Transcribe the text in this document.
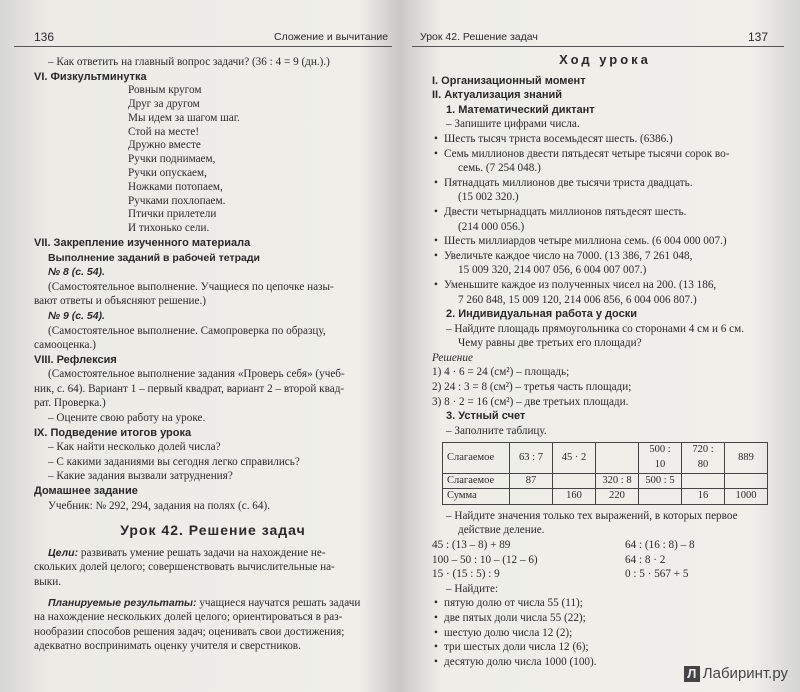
136	Сложение и вычитание
– Как ответить на главный вопрос задачи? (36 : 4 = 9 (дн.).)
VI. Физкультминутка
Ровным кругом
Друг за другом
Мы идем за шагом шаг.
Стой на месте!
Дружно вместе
Ручки поднимаем,
Ручки опускаем,
Ножками потопаем,
Ручками похлопаем.
Птички прилетели
И тихонько сели.
VII. Закрепление изученного материала
Выполнение заданий в рабочей тетради
№ 8 (с. 54).
(Самостоятельное выполнение. Учащиеся по цепочке назы-
вают ответы и объясняют решение.)
№ 9 (с. 54).
(Самостоятельное выполнение. Самопроверка по образцу,
самооценка.)
VIII. Рефлексия
(Самостоятельное выполнение задания «Проверь себя» (учеб-
ник, с. 64). Вариант 1 – первый квадрат, вариант 2 – второй квад-
рат. Проверка.)
– Оцените свою работу на уроке.
IX. Подведение итогов урока
– Как найти несколько долей числа?
– С какими заданиями вы сегодня легко справились?
– Какие задания вызвали затруднения?
Домашнее задание
Учебник: № 292, 294, задания на полях (с. 64).
Урок 42. Решение задач
Цели: развивать умение решать задачи на нахождение не-
скольких долей целого; совершенствовать вычислительные на-
выки.
Планируемые результаты: учащиеся научатся решать задачи
на нахождение нескольких долей целого; ориентироваться в раз-
нообразии способов решения задач; оценивать свои достижения;
адекватно воспринимать оценку учителя и сверстников.
Урок 42. Решение задач	137
Ход урока
I. Организационный момент
II. Актуализация знаний
1. Математический диктант
– Запишите цифрами числа.
• Шесть тысяч триста восемьдесят шесть. (6386.)
• Семь миллионов двести пятьдесят четыре тысячи сорок во-
семь. (7 254 048.)
• Пятнадцать миллионов две тысячи триста двадцать.
(15 002 320.)
• Двести четырнадцать миллионов пятьдесят шесть.
(214 000 056.)
• Шесть миллиардов четыре миллиона семь. (6 004 000 007.)
• Увеличьте каждое число на 7000. (13 386, 7 261 048,
15 009 320, 214 007 056, 6 004 007 007.)
• Уменьшите каждое из полученных чисел на 200. (13 186,
7 260 848, 15 009 120, 214 006 856, 6 004 006 807.)
2. Индивидуальная работа у доски
– Найдите площадь прямоугольника со сторонами 4 см и 6 см.
Чему равны две третьих его площади?
Решение
1) 4 · 6 = 24 (см²) – площадь;
2) 24 : 3 = 8 (см²) – третья часть площади;
3) 8 · 2 = 16 (см²) – две третьих площади.
3. Устный счет
– Заполните таблицу.
Слагаемое	63 : 7	45 · 2		500 : 10	720 : 80	889
Слагаемое	87		320 : 8	500 : 5		
Сумма		160	220		16	1000
– Найдите значения только тех выражений, в которых первое
действие деление.
45 : (13 – 8) + 89
100 – 50 : 10 – (12 – 6)
15 · (15 : 5) : 9
64 : (16 : 8) – 8
64 : 8 · 2
0 : 5 · 567 + 5
– Найдите:
• пятую долю от числа 55 (11);
• две пятых доли числа 55 (22);
• шестую долю числа 12 (2);
• три шестых доли числа 12 (6);
• десятую долю числа 1000 (100).
Л Лабиринт.ру
